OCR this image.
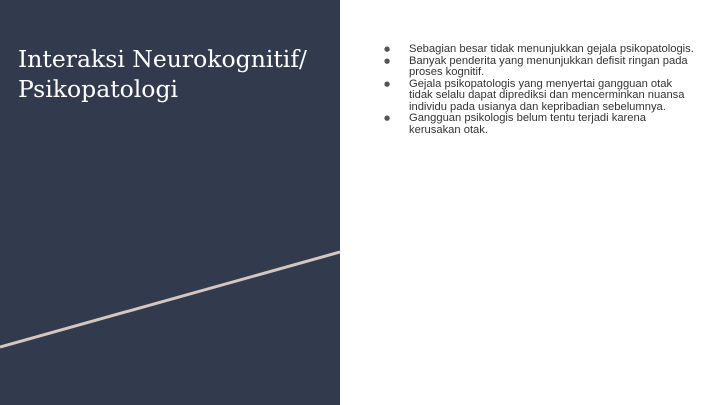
Interaksi Neurokognitif/ Psikopatologi
● Sebagian besar tidak menunjukkan gejala psikopatologis.
● Banyak penderita yang menunjukkan defisit ringan pada proses kognitif.
● Gejala psikopatologis yang menyertai gangguan otak tidak selalu dapat diprediksi dan mencerminkan nuansa individu pada usianya dan kepribadian sebelumnya.
● Gangguan psikologis belum tentu terjadi karena kerusakan otak.
